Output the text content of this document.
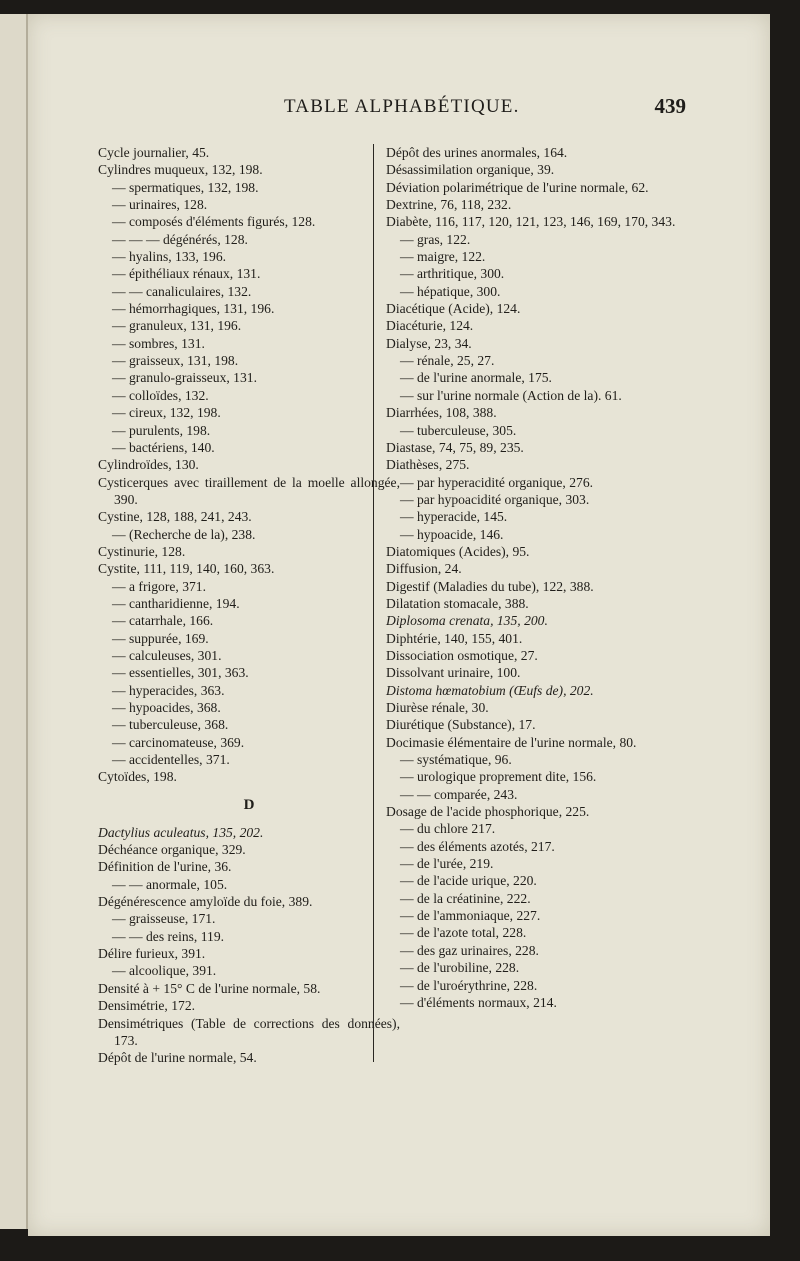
TABLE ALPHABÉTIQUE.	439
Cycle journalier, 45.
Cylindres muqueux, 132, 198.
— spermatiques, 132, 198.
— urinaires, 128.
— composés d'éléments figurés, 128.
— — — dégénérés, 128.
— hyalins, 133, 196.
— épithéliaux rénaux, 131.
— — canaliculaires, 132.
— hémorrhagiques, 131, 196.
— granuleux, 131, 196.
— sombres, 131.
— graisseux, 131, 198.
— granulo-graisseux, 131.
— colloïdes, 132.
— cireux, 132, 198.
— purulents, 198.
— bactériens, 140.
Cylindroïdes, 130.
Cysticerques avec tiraillement de la moelle allongée, 390.
Cystine, 128, 188, 241, 243.
— (Recherche de la), 238.
Cystinurie, 128.
Cystite, 111, 119, 140, 160, 363.
— a frigore, 371.
— cantharidienne, 194.
— catarrhale, 166.
— suppurée, 169.
— calculeuses, 301.
— essentielles, 301, 363.
— hyperacides, 363.
— hypoacides, 368.
— tuberculeuse, 368.
— carcinomateuse, 369.
— accidentelles, 371.
Cytoïdes, 198.
D
Dactylius aculeatus, 135, 202.
Déchéance organique, 329.
Définition de l'urine, 36.
— — anormale, 105.
Dégénérescence amyloïde du foie, 389.
— graisseuse, 171.
— — des reins, 119.
Délire furieux, 391.
— alcoolique, 391.
Densité à + 15° C de l'urine normale, 58.
Densimétrie, 172.
Densimétriques (Table de corrections des données), 173.
Dépôt de l'urine normale, 54.
Dépôt des urines anormales, 164.
Désassimilation organique, 39.
Déviation polarimétrique de l'urine normale, 62.
Dextrine, 76, 118, 232.
Diabète, 116, 117, 120, 121, 123, 146, 169, 170, 343.
— gras, 122.
— maigre, 122.
— arthritique, 300.
— hépatique, 300.
Diacétique (Acide), 124.
Diacéturie, 124.
Dialyse, 23, 34.
— rénale, 25, 27.
— de l'urine anormale, 175.
— sur l'urine normale (Action de la). 61.
Diarrhées, 108, 388.
— tuberculeuse, 305.
Diastase, 74, 75, 89, 235.
Diathèses, 275.
— par hyperacidité organique, 276.
— par hypoacidité organique, 303.
— hyperacide, 145.
— hypoacide, 146.
Diatomiques (Acides), 95.
Diffusion, 24.
Digestif (Maladies du tube), 122, 388.
Dilatation stomacale, 388.
Diplosoma crenata, 135, 200.
Diphtérie, 140, 155, 401.
Dissociation osmotique, 27.
Dissolvant urinaire, 100.
Distoma hœmatobium (Œufs de), 202.
Diurèse rénale, 30.
Diurétique (Substance), 17.
Docimasie élémentaire de l'urine normale, 80.
— systématique, 96.
— urologique proprement dite, 156.
— — comparée, 243.
Dosage de l'acide phosphorique, 225.
— du chlore 217.
— des éléments azotés, 217.
— de l'urée, 219.
— de l'acide urique, 220.
— de la créatinine, 222.
— de l'ammoniaque, 227.
— de l'azote total, 228.
— des gaz urinaires, 228.
— de l'urobiline, 228.
— de l'uroérythrine, 228.
— d'éléments normaux, 214.
